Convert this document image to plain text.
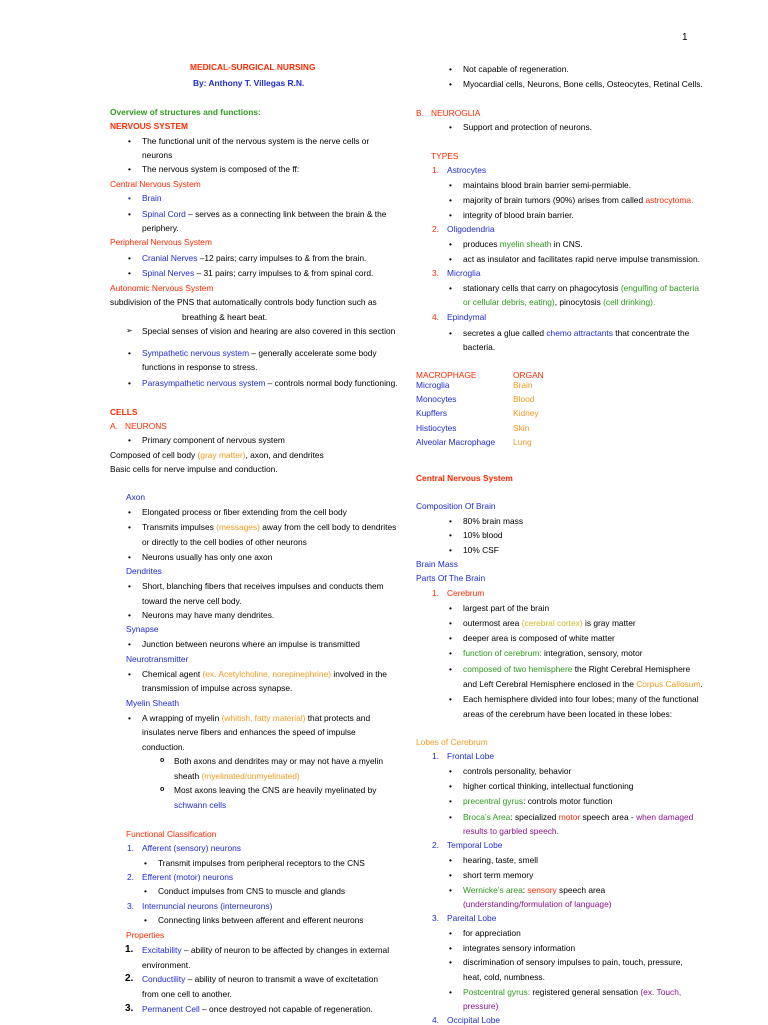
1
MEDICAL-SURGICAL NURSING
By: Anthony T. Villegas R.N.
Overview of structures and functions:
NERVOUS SYSTEM
• The functional unit of the nervous system is the nerve cells or
neurons
• The nervous system is composed of the ff:
Central Nervous System
• Brain
• Spinal Cord – serves as a connecting link between the brain & the
periphery.
Peripheral Nervous System
• Cranial Nerves –12 pairs; carry impulses to & from the brain.
• Spinal Nerves – 31 pairs; carry impulses to & from spinal cord.
Autonomic Nervous System
subdivision of the PNS that automatically controls body function such as
breathing & heart beat.
➢ Special senses of vision and hearing are also covered in this section
• Sympathetic nervous system – generally accelerate some body
functions in response to stress.
• Parasympathetic nervous system – controls normal body functioning.
CELLS
A. NEURONS
• Primary component of nervous system
Composed of cell body (gray matter), axon, and dendrites
Basic cells for nerve impulse and conduction.
Axon
• Elongated process or fiber extending from the cell body
• Transmits impulses (messages) away from the cell body to dendrites
or directly to the cell bodies of other neurons
• Neurons usually has only one axon
Dendrites
• Short, blanching fibers that receives impulses and conducts them
toward the nerve cell body.
• Neurons may have many dendrites.
Synapse
• Junction between neurons where an impulse is transmitted
Neurotransmitter
• Chemical agent (ex. Acetylcholine, norepinephrine) involved in the
transmission of impulse across synapse.
Myelin Sheath
• A wrapping of myelin (whitish, fatty material) that protects and
insulates nerve fibers and enhances the speed of impulse
conduction.
o Both axons and dendrites may or may not have a myelin
sheath (myelinated/unmyelinated)
o Most axons leaving the CNS are heavily myelinated by
schwann cells
Functional Classification
1. Afferent (sensory) neurons
• Transmit impulses from peripheral receptors to the CNS
2. Efferent (motor) neurons
• Conduct impulses from CNS to muscle and glands
3. Internuncial neurons (interneurons)
• Connecting links between afferent and efferent neurons
Properties
1. Excitability – ability of neuron to be affected by changes in external
environment.
2. Conductility – ability of neuron to transmit a wave of excitetation
from one cell to another.
3. Permanent Cell – once destroyed not capable of regeneration.
• Not capable of regeneration.
• Myocardial cells, Neurons, Bone cells, Osteocytes, Retinal Cells.
B. NEUROGLIA
• Support and protection of neurons.
TYPES
1. Astrocytes
• maintains blood brain barrier semi-permiable.
• majority of brain tumors (90%) arises from called astrocytoma.
• integrity of blood brain barrier.
2. Oligodendria
• produces myelin sheath in CNS.
• act as insulator and facilitates rapid nerve impulse transmission.
3. Microglia
• stationary cells that carry on phagocytosis (engulfing of bacteria
or cellular debris, eating), pinocytosis (cell drinking).
4. Epindymal
• secretes a glue called chemo attractants that concentrate the
bacteria.
MACROPHAGE	ORGAN
Microglia	Brain
Monocytes	Blood
Kupffers	Kidney
Histiocytes	Skin
Alveolar Macrophage Lung
Central Nervous System
Composition Of Brain
• 80% brain mass
• 10% blood
• 10% CSF
Brain Mass
Parts Of The Brain
1. Cerebrum
• largest part of the brain
• outermost area (cerebral cortex) is gray matter
• deeper area is composed of white matter
• function of cerebrum: integration, sensory, motor
• composed of two hemisphere the Right Cerebral Hemisphere
and Left Cerebral Hemisphere enclosed in the Corpus Callosum.
• Each hemisphere divided into four lobes; many of the functional
areas of the cerebrum have been located in these lobes:
Lobes of Cerebrum
1. Frontal Lobe
• controls personality, behavior
• higher cortical thinking, intellectual functioning
• precentral gyrus: controls motor function
• Broca’s Area: specialized motor speech area - when damaged
results to garbled speech.
2. Temporal Lobe
• hearing, taste, smell
• short term memory
• Wernicke’s area: sensory speech area
(understanding/formulation of language)
3. Pareital Lobe
• for appreciation
• integrates sensory information
• discrimination of sensory impulses to pain, touch, pressure,
heat, cold, numbness.
• Postcentral gyrus: registered general sensation (ex. Touch,
pressure)
4. Occipital Lobe
